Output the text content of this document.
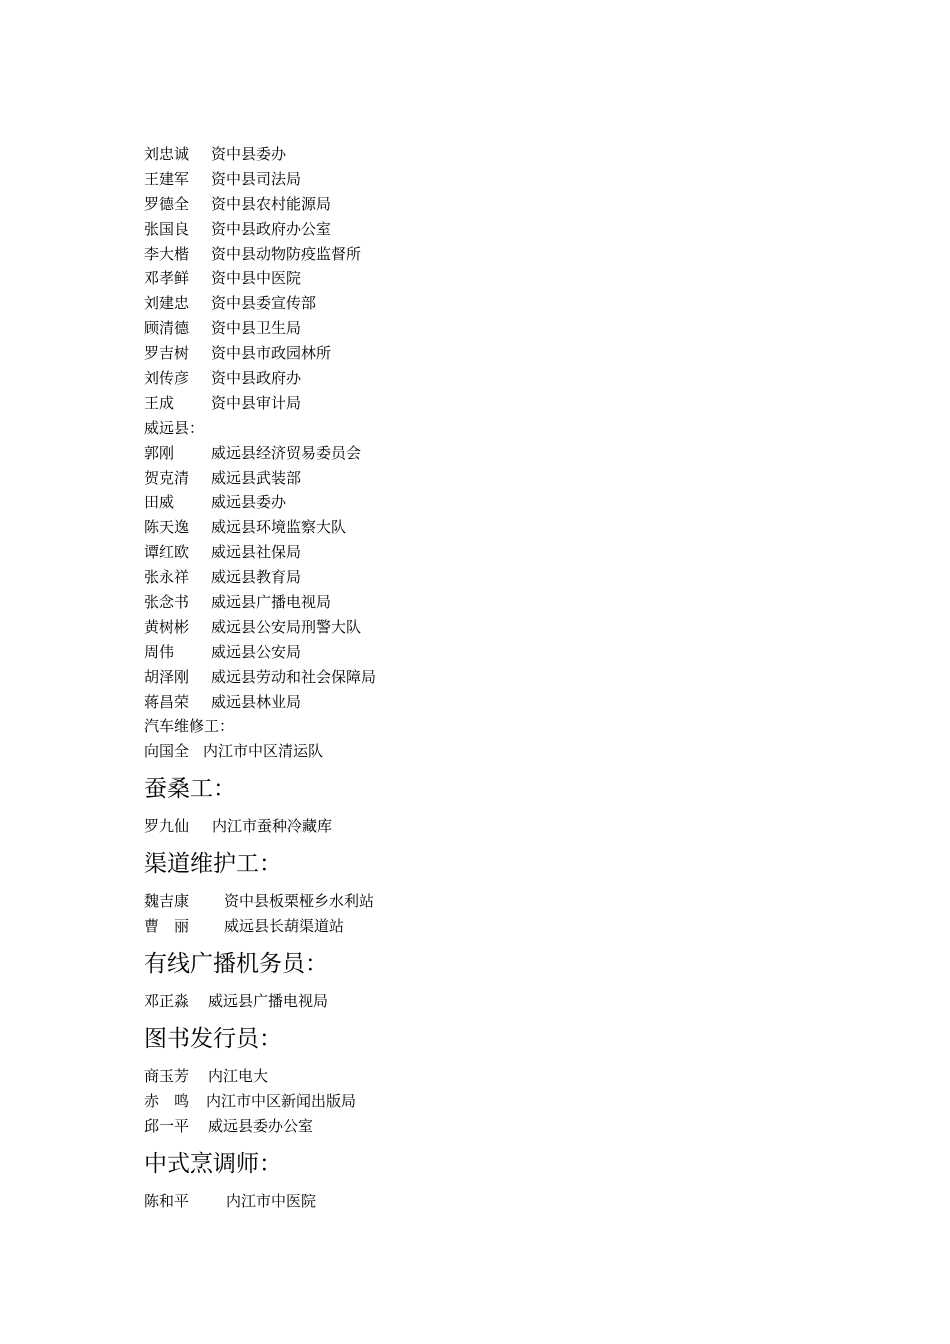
刘忠诚 资中县委办
王建军 资中县司法局
罗德全 资中县农村能源局
张国良 资中县政府办公室
李大楷 资中县动物防疫监督所
邓孝鲜 资中县中医院
刘建忠 资中县委宣传部
顾清德 资中县卫生局
罗吉树 资中县市政园林所
刘传彦 资中县政府办
王成 资中县审计局
威远县：
郭刚 威远县经济贸易委员会
贺克清 威远县武装部
田威 威远县委办
陈天逸 威远县环境监察大队
谭红欧 威远县社保局
张永祥 威远县教育局
张念书 威远县广播电视局
黄树彬 威远县公安局刑警大队
周伟 威远县公安局
胡泽刚 威远县劳动和社会保障局
蒋昌荣 威远县林业局
汽车维修工：
向国全 内江市中区清运队
蚕桑工：
罗九仙 内江市蚕种冷藏库
渠道维护工：
魏吉康 资中县板栗桠乡水利站
曹　丽 威远县长葫渠道站
有线广播机务员：
邓正淼 威远县广播电视局
图书发行员：
商玉芳 内江电大
赤　鸣 内江市中区新闻出版局
邱一平 威远县委办公室
中式烹调师：
陈和平 内江市中医院
